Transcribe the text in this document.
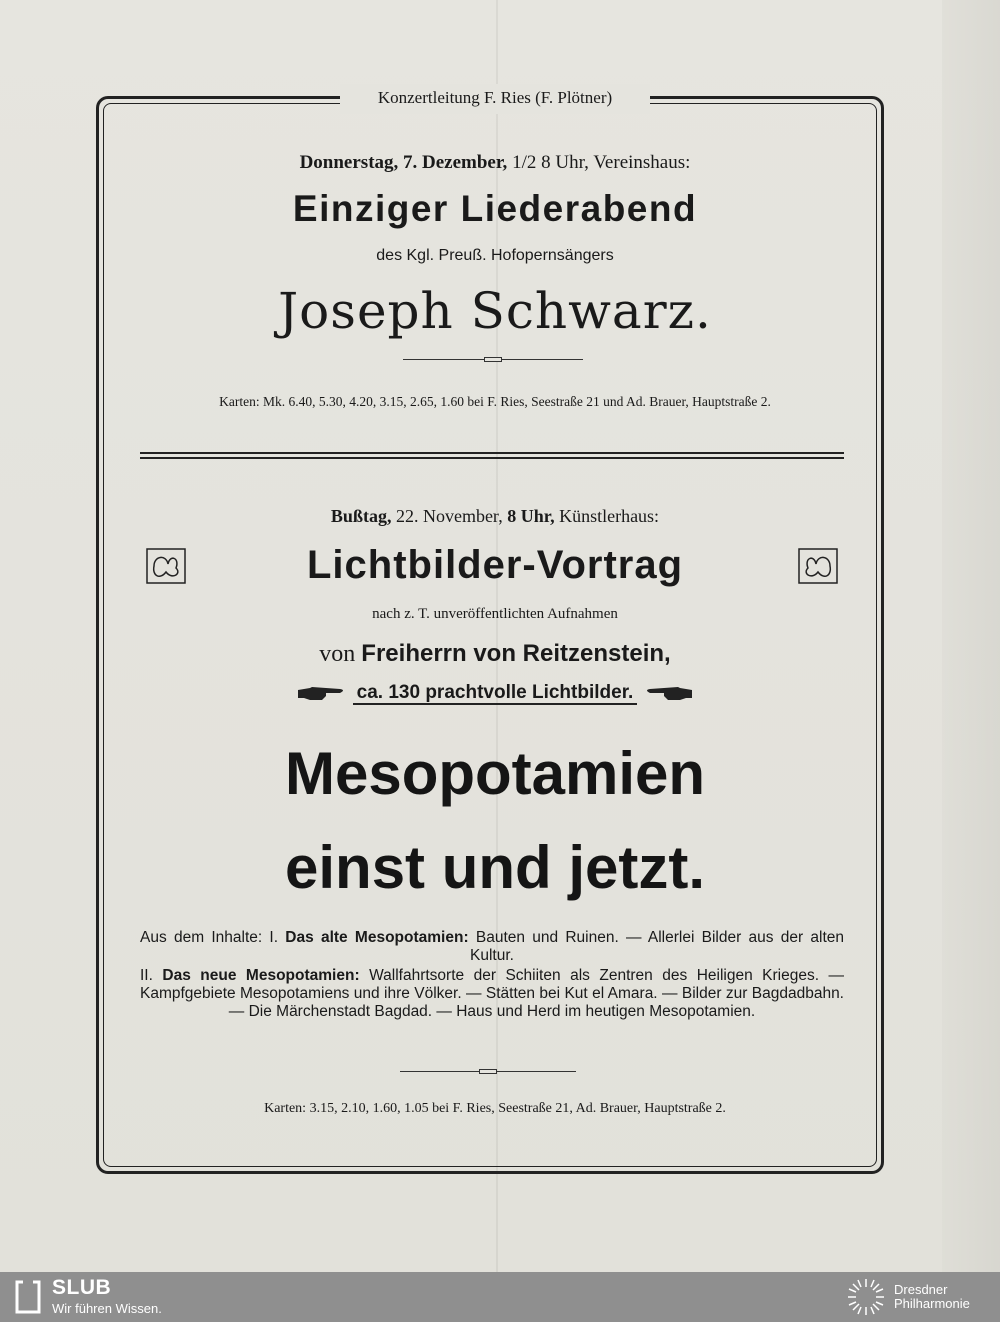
Konzertleitung F. Ries (F. Plötner)
Donnerstag, 7. Dezember, 1/2 8 Uhr, Vereinshaus:
Einziger Liederabend
des Kgl. Preuß. Hofopernsängers
Joseph Schwarz.
Karten: Mk. 6.40, 5.30, 4.20, 3.15, 2.65, 1.60 bei F. Ries, Seestraße 21 und Ad. Brauer, Hauptstraße 2.
Bußtag, 22. November, 8 Uhr, Künstlerhaus:
Lichtbilder-Vortrag
nach z. T. unveröffentlichten Aufnahmen
von Freiherrn von Reitzenstein,
ca. 130 prachtvolle Lichtbilder.
Mesopotamien
einst und jetzt.
Aus dem Inhalte: I. Das alte Mesopotamien: Bauten und Ruinen. — Allerlei Bilder aus der alten Kultur.
II. Das neue Mesopotamien: Wallfahrtsorte der Schiiten als Zentren des Heiligen Krieges. — Kampfgebiete Mesopotamiens und ihre Völker. — Stätten bei Kut el Amara. — Bilder zur Bagdadbahn. — Die Märchenstadt Bagdad. — Haus und Herd im heutigen Mesopotamien.
Karten: 3.15, 2.10, 1.60, 1.05 bei F. Ries, Seestraße 21, Ad. Brauer, Hauptstraße 2.
SLUB
Wir führen Wissen.
Dresdner
Philharmonie
